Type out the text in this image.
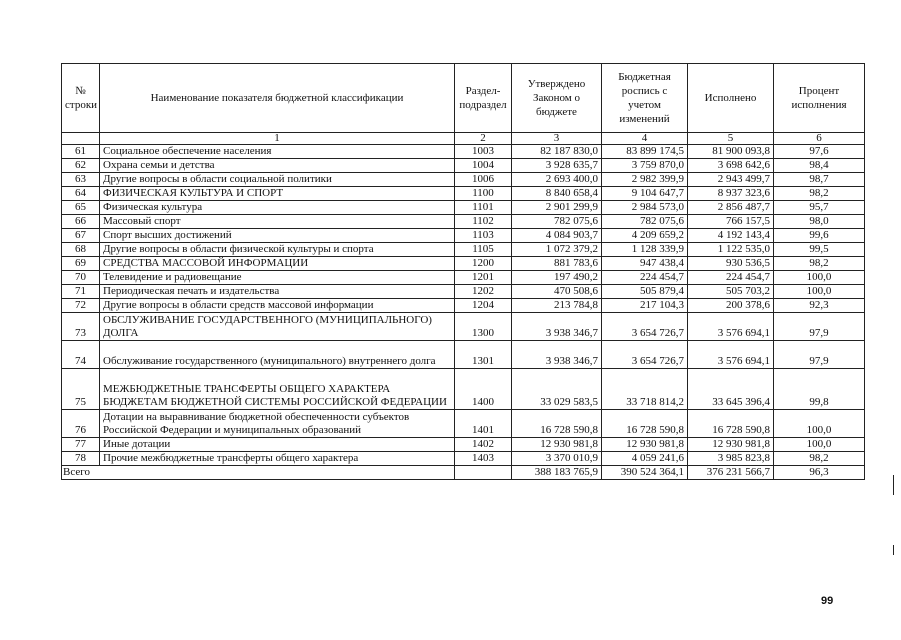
№ строки	Наименование показателя бюджетной классификации	Раздел-подраздел	Утверждено Законом о бюджете	Бюджетная роспись с учетом изменений	Исполнено	Процент исполнения
	1	2	3	4	5	6
61	Социальное обеспечение населения	1003	82 187 830,0	83 899 174,5	81 900 093,8	97,6
62	Охрана семьи и детства	1004	3 928 635,7	3 759 870,0	3 698 642,6	98,4
63	Другие вопросы в области социальной политики	1006	2 693 400,0	2 982 399,9	2 943 499,7	98,7
64	ФИЗИЧЕСКАЯ КУЛЬТУРА И СПОРТ	1100	8 840 658,4	9 104 647,7	8 937 323,6	98,2
65	Физическая культура	1101	2 901 299,9	2 984 573,0	2 856 487,7	95,7
66	Массовый спорт	1102	782 075,6	782 075,6	766 157,5	98,0
67	Спорт высших достижений	1103	4 084 903,7	4 209 659,2	4 192 143,4	99,6
68	Другие вопросы в области физической культуры и спорта	1105	1 072 379,2	1 128 339,9	1 122 535,0	99,5
69	СРЕДСТВА МАССОВОЙ ИНФОРМАЦИИ	1200	881 783,6	947 438,4	930 536,5	98,2
70	Телевидение и радиовещание	1201	197 490,2	224 454,7	224 454,7	100,0
71	Периодическая печать и издательства	1202	470 508,6	505 879,4	505 703,2	100,0
72	Другие вопросы в области средств массовой информации	1204	213 784,8	217 104,3	200 378,6	92,3
73	ОБСЛУЖИВАНИЕ ГОСУДАРСТВЕННОГО (МУНИЦИПАЛЬНОГО) ДОЛГА	1300	3 938 346,7	3 654 726,7	3 576 694,1	97,9
74	Обслуживание государственного (муниципального) внутреннего долга	1301	3 938 346,7	3 654 726,7	3 576 694,1	97,9
75	МЕЖБЮДЖЕТНЫЕ ТРАНСФЕРТЫ ОБЩЕГО ХАРАКТЕРА БЮДЖЕТАМ БЮДЖЕТНОЙ СИСТЕМЫ РОССИЙСКОЙ ФЕДЕРАЦИИ	1400	33 029 583,5	33 718 814,2	33 645 396,4	99,8
76	Дотации на выравнивание бюджетной обеспеченности субъектов Российской Федерации и муниципальных образований	1401	16 728 590,8	16 728 590,8	16 728 590,8	100,0
77	Иные дотации	1402	12 930 981,8	12 930 981,8	12 930 981,8	100,0
78	Прочие межбюджетные трансферты общего характера	1403	3 370 010,9	4 059 241,6	3 985 823,8	98,2
Всего			388 183 765,9	390 524 364,1	376 231 566,7	96,3
99
